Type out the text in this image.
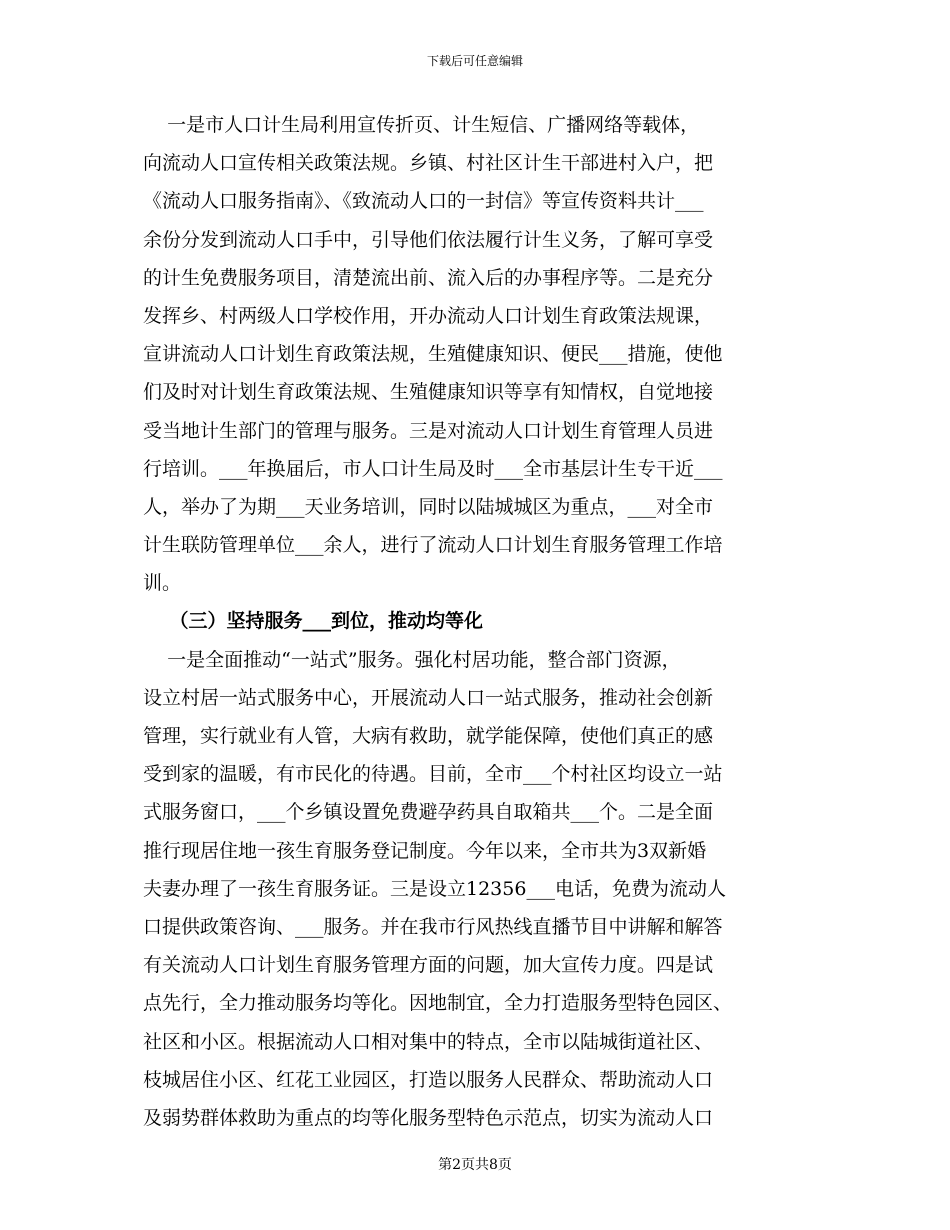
下载后可任意编辑
一是市人口计生局利用宣传折页、计生短信、广播网络等载体，
向流动人口宣传相关政策法规。乡镇、村社区计生干部进村入户，把
《流动人口服务指南》、《致流动人口的一封信》等宣传资料共计___
余份分发到流动人口手中，引导他们依法履行计生义务，了解可享受
的计生免费服务项目，清楚流出前、流入后的办事程序等。二是充分
发挥乡、村两级人口学校作用，开办流动人口计划生育政策法规课，
宣讲流动人口计划生育政策法规，生殖健康知识、便民___措施，使他
们及时对计划生育政策法规、生殖健康知识等享有知情权，自觉地接
受当地计生部门的管理与服务。三是对流动人口计划生育管理人员进
行培训。___年换届后，市人口计生局及时___全市基层计生专干近___
人，举办了为期___天业务培训，同时以陆城城区为重点，___对全市
计生联防管理单位___余人，进行了流动人口计划生育服务管理工作培
训。
（三）坚持服务___到位，推动均等化
一是全面推动“一站式”服务。强化村居功能，整合部门资源，
设立村居一站式服务中心，开展流动人口一站式服务，推动社会创新
管理，实行就业有人管，大病有救助，就学能保障，使他们真正的感
受到家的温暖，有市民化的待遇。目前，全市___个村社区均设立一站
式服务窗口，___个乡镇设置免费避孕药具自取箱共___个。二是全面
推行现居住地一孩生育服务登记制度。今年以来，全市共为3双新婚
夫妻办理了一孩生育服务证。三是设立12356___电话，免费为流动人
口提供政策咨询、___服务。并在我市行风热线直播节目中讲解和解答
有关流动人口计划生育服务管理方面的问题，加大宣传力度。四是试
点先行，全力推动服务均等化。因地制宜，全力打造服务型特色园区、
社区和小区。根据流动人口相对集中的特点，全市以陆城街道社区、
枝城居住小区、红花工业园区，打造以服务人民群众、帮助流动人口
及弱势群体救助为重点的均等化服务型特色示范点，切实为流动人口
第2页共8页
